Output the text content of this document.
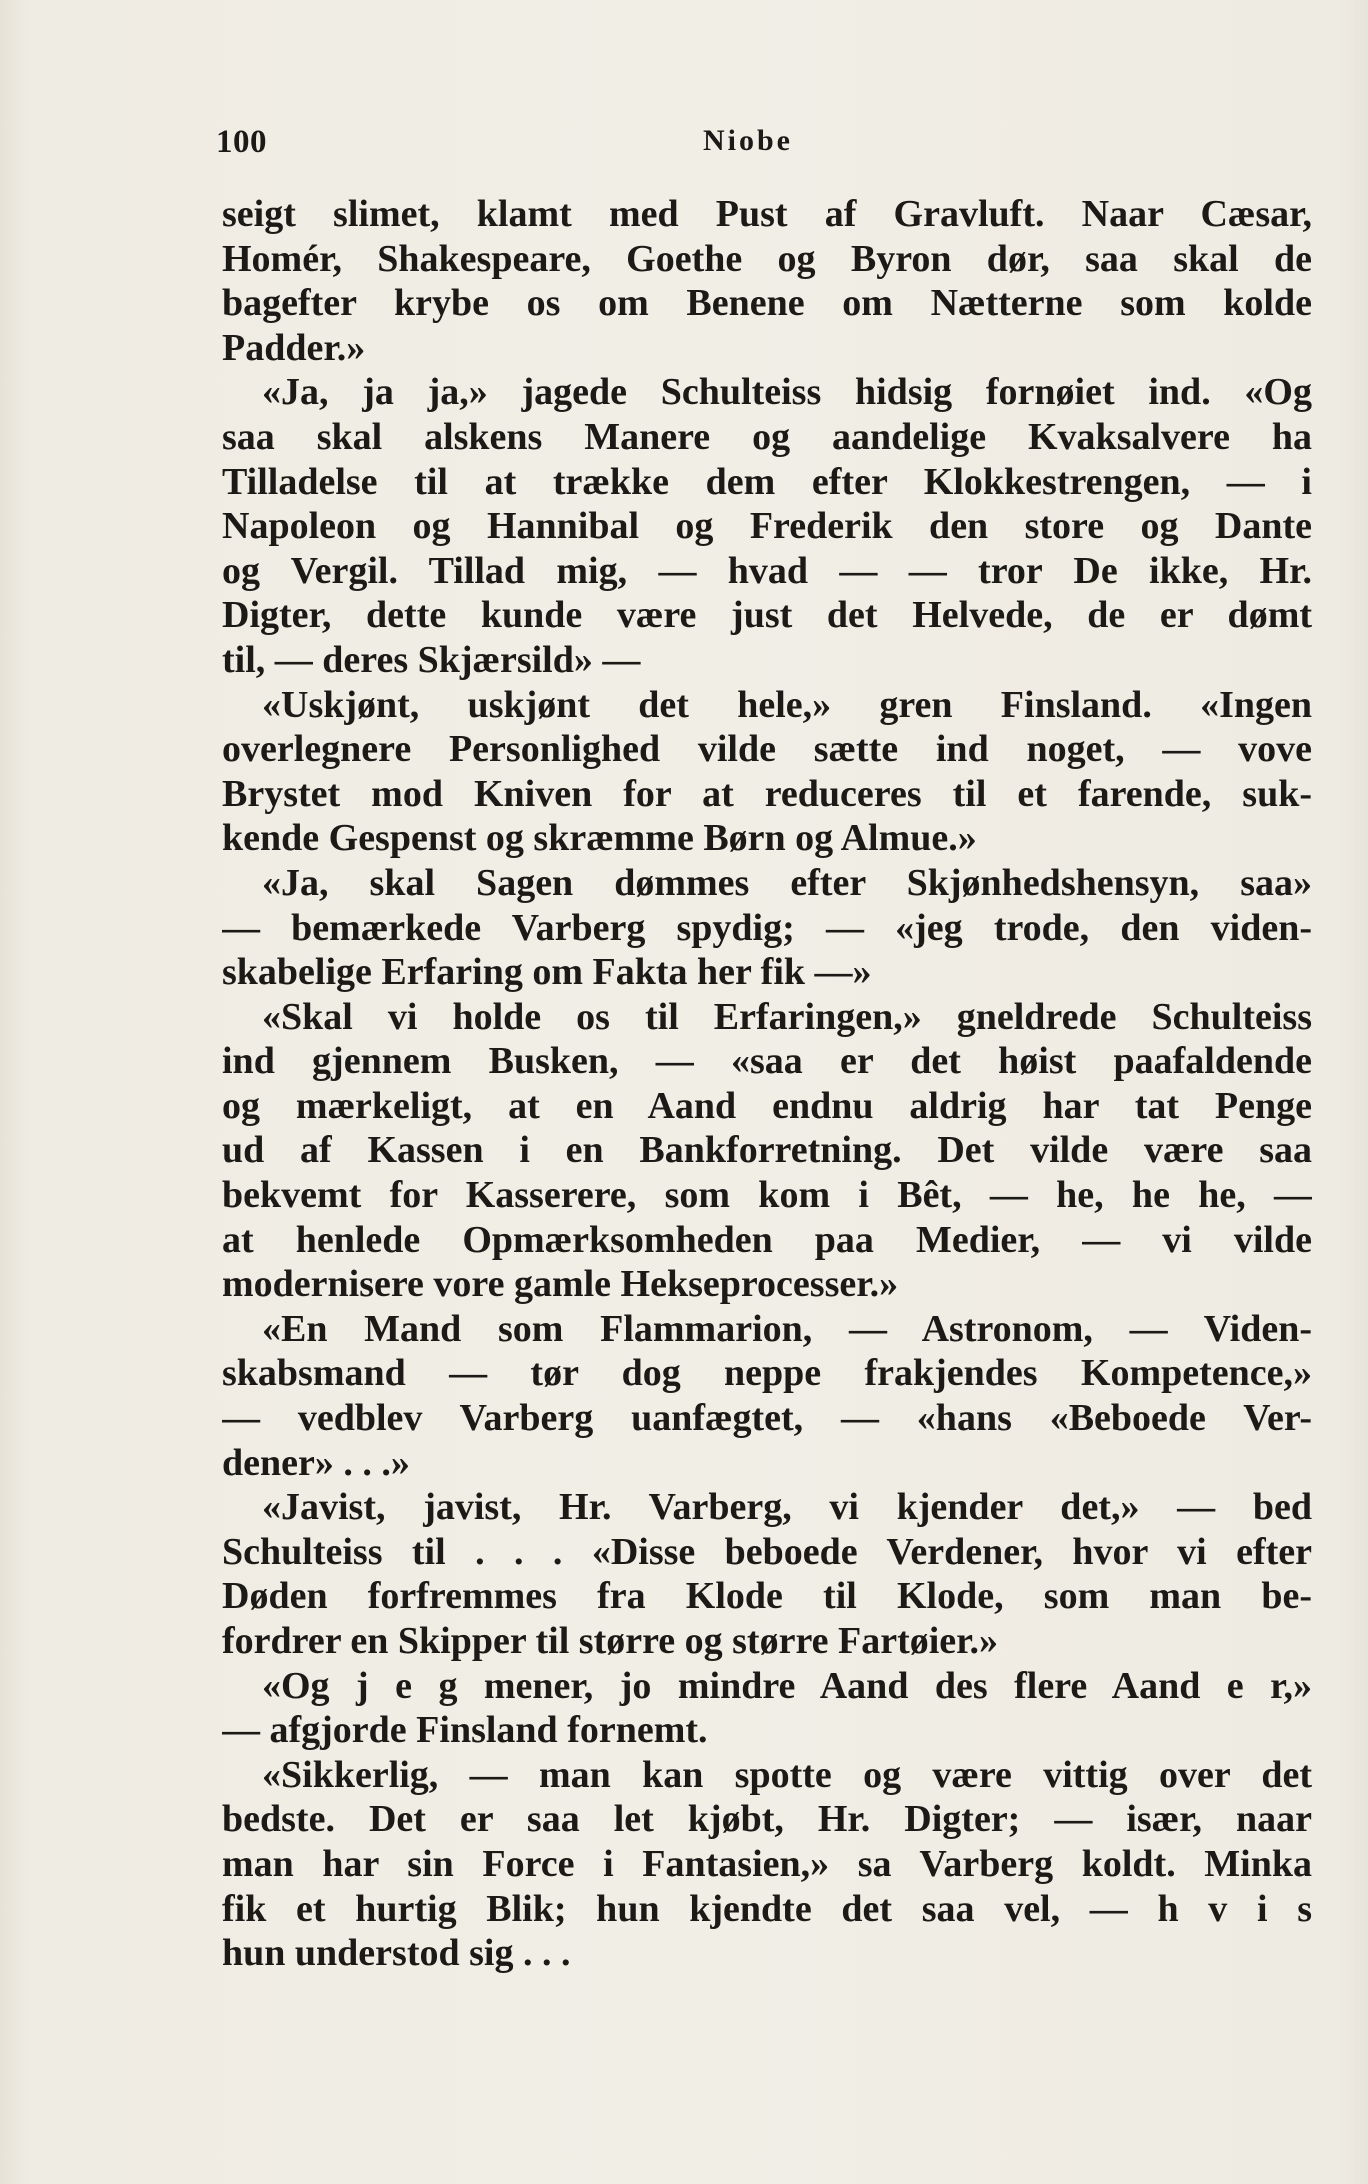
100	Niobe
seigt slimet, klamt med Pust af Gravluft. Naar Cæsar,
Homér, Shakespeare, Goethe og Byron dør, saa skal de
bagefter krybe os om Benene om Nætterne som kolde
Padder.»
«Ja, ja ja,» jagede Schulteiss hidsig fornøiet ind. «Og
saa skal alskens Manere og aandelige Kvaksalvere ha
Tilladelse til at trække dem efter Klokkestrengen, — i
Napoleon og Hannibal og Frederik den store og Dante
og Vergil. Tillad mig, — hvad — — tror De ikke, Hr.
Digter, dette kunde være just det Helvede, de er dømt
til, — deres Skjærsild» —
«Uskjønt, uskjønt det hele,» gren Finsland. «Ingen
overlegnere Personlighed vilde sætte ind noget, — vove
Brystet mod Kniven for at reduceres til et farende, suk-
kende Gespenst og skræmme Børn og Almue.»
«Ja, skal Sagen dømmes efter Skjønhedshensyn, saa»
— bemærkede Varberg spydig; — «jeg trode, den viden-
skabelige Erfaring om Fakta her fik —»
«Skal vi holde os til Erfaringen,» gneldrede Schulteiss
ind gjennem Busken, — «saa er det høist paafaldende
og mærkeligt, at en Aand endnu aldrig har tat Penge
ud af Kassen i en Bankforretning. Det vilde være saa
bekvemt for Kasserere, som kom i Bêt, — he, he he, —
at henlede Opmærksomheden paa Medier, — vi vilde
modernisere vore gamle Hekseprocesser.»
«En Mand som Flammarion, — Astronom, — Viden-
skabsmand — tør dog neppe frakjendes Kompetence,»
— vedblev Varberg uanfægtet, — «hans «Beboede Ver-
dener» . . .»
«Javist, javist, Hr. Varberg, vi kjender det,» — bed
Schulteiss til . . . «Disse beboede Verdener, hvor vi efter
Døden forfremmes fra Klode til Klode, som man be-
fordrer en Skipper til større og større Fartøier.»
«Og j e g mener, jo mindre Aand des flere Aand e r,»
— afgjorde Finsland fornemt.
«Sikkerlig, — man kan spotte og være vittig over det
bedste. Det er saa let kjøbt, Hr. Digter; — især, naar
man har sin Force i Fantasien,» sa Varberg koldt. Minka
fik et hurtig Blik; hun kjendte det saa vel, — h v i s
hun understod sig . . .
